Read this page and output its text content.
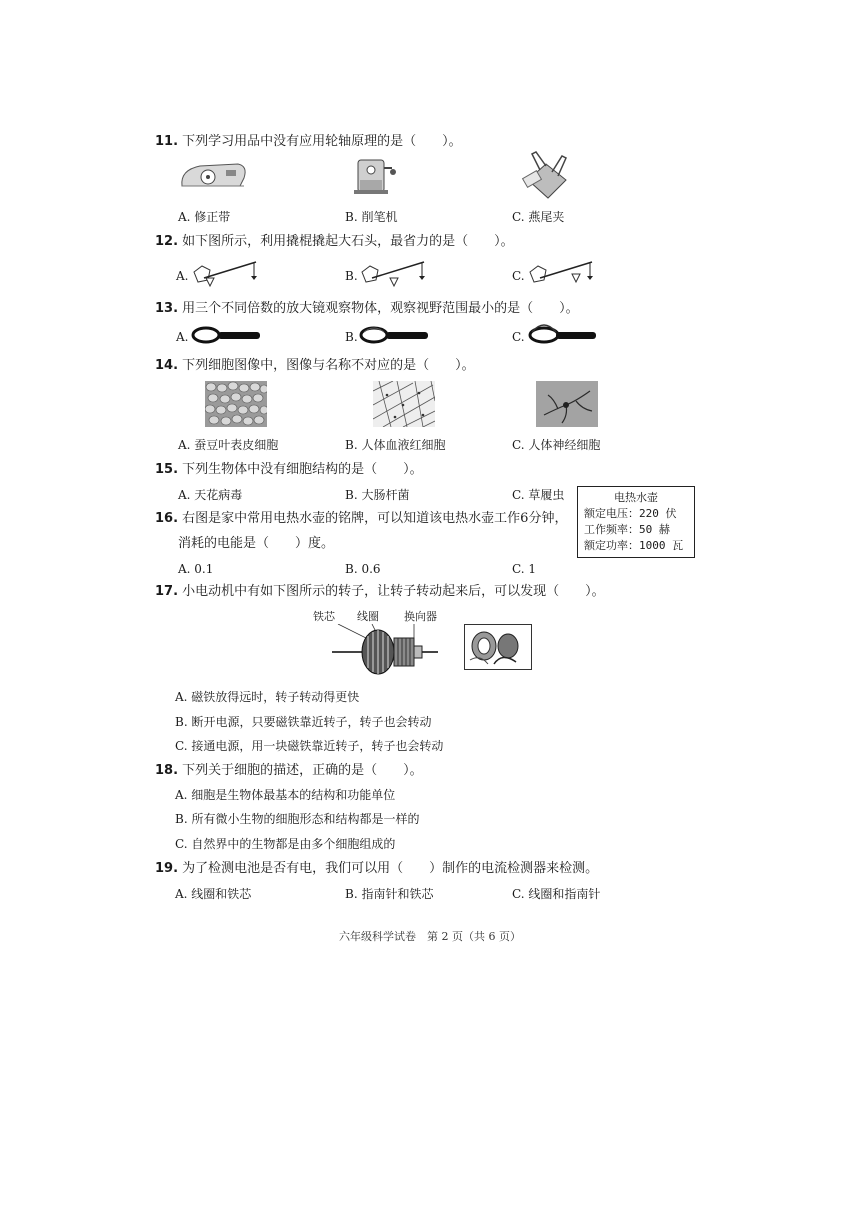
11. 下列学习用品中没有应用轮轴原理的是（　　）。
A. 修正带	B. 削笔机	C. 燕尾夹
12. 如下图所示，利用撬棍撬起大石头，最省力的是（　　）。
A.	B.	C.
13. 用三个不同倍数的放大镜观察物体，观察视野范围最小的是（　　）。
A.	B.	C.
14. 下列细胞图像中，图像与名称不对应的是（　　）。
A. 蚕豆叶表皮细胞	B. 人体血液红细胞	C. 人体神经细胞
15. 下列生物体中没有细胞结构的是（　　）。
A. 天花病毒	B. 大肠杆菌	C. 草履虫
16. 右图是家中常用电热水壶的铭牌，可以知道该电热水壶工作6分钟，
消耗的电能是（　　）度。
A. 0.1	B. 0.6	C. 1
电热水壶
额定电压：220 伏
工作频率：50 赫
额定功率：1000 瓦
17. 小电动机中有如下图所示的转子，让转子转动起来后，可以发现（　　）。
铁芯 线圈 换向器
A. 磁铁放得远时，转子转动得更快
B. 断开电源，只要磁铁靠近转子，转子也会转动
C. 接通电源，用一块磁铁靠近转子，转子也会转动
18. 下列关于细胞的描述，正确的是（　　）。
A. 细胞是生物体最基本的结构和功能单位
B. 所有微小生物的细胞形态和结构都是一样的
C. 自然界中的生物都是由多个细胞组成的
19. 为了检测电池是否有电，我们可以用（　　）制作的电流检测器来检测。
A. 线圈和铁芯	B. 指南针和铁芯	C. 线圈和指南针
六年级科学试卷　第 2 页（共 6 页）
